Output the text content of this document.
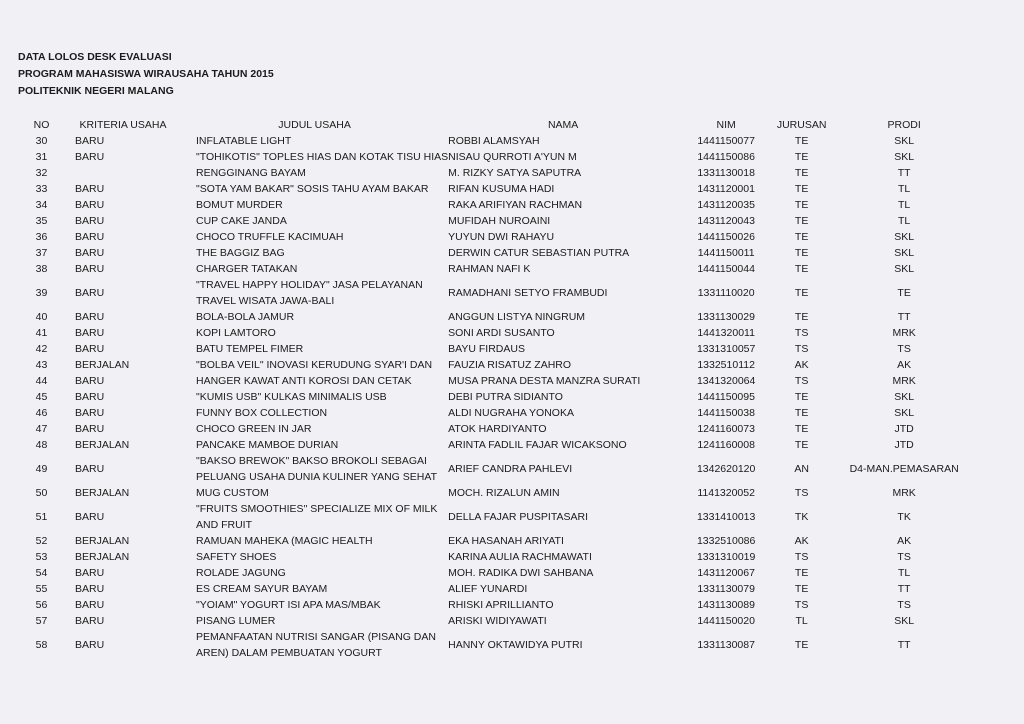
DATA LOLOS DESK EVALUASI
PROGRAM MAHASISWA WIRAUSAHA TAHUN 2015
POLITEKNIK NEGERI MALANG
NO	KRITERIA USAHA	JUDUL USAHA	NAMA	NIM	JURUSAN	PRODI
30	BARU	INFLATABLE LIGHT	ROBBI ALAMSYAH	1441150077	TE	SKL
31	BARU	"TOHIKOTIS" TOPLES HIAS DAN KOTAK TISU HIAS	NISAU QURROTI A'YUN M	1441150086	TE	SKL
32		RENGGINANG BAYAM	M. RIZKY SATYA SAPUTRA	1331130018	TE	TT
33	BARU	"SOTA YAM BAKAR" SOSIS TAHU AYAM BAKAR	RIFAN KUSUMA HADI	1431120001	TE	TL
34	BARU	BOMUT MURDER	RAKA ARIFIYAN RACHMAN	1431120035	TE	TL
35	BARU	CUP CAKE JANDA	MUFIDAH NUROAINI	1431120043	TE	TL
36	BARU	CHOCO TRUFFLE KACIMUAH	YUYUN DWI RAHAYU	1441150026	TE	SKL
37	BARU	THE BAGGIZ BAG	DERWIN CATUR SEBASTIAN PUTRA	1441150011	TE	SKL
38	BARU	CHARGER TATAKAN	RAHMAN NAFI K	1441150044	TE	SKL
39	BARU	"TRAVEL HAPPY HOLIDAY" JASA PELAYANAN TRAVEL WISATA JAWA-BALI	RAMADHANI SETYO FRAMBUDI	1331110020	TE	TE
40	BARU	BOLA-BOLA JAMUR	ANGGUN LISTYA NINGRUM	1331130029	TE	TT
41	BARU	KOPI LAMTORO	SONI ARDI SUSANTO	1441320011	TS	MRK
42	BARU	BATU TEMPEL FIMER	BAYU FIRDAUS	1331310057	TS	TS
43	BERJALAN	"BOLBA VEIL" INOVASI KERUDUNG SYAR'I DAN	FAUZIA RISATUZ ZAHRO	1332510112	AK	AK
44	BARU	HANGER KAWAT ANTI KOROSI DAN CETAK	MUSA PRANA DESTA MANZRA SURATI	1341320064	TS	MRK
45	BARU	"KUMIS USB" KULKAS MINIMALIS USB	DEBI PUTRA SIDIANTO	1441150095	TE	SKL
46	BARU	FUNNY BOX COLLECTION	ALDI NUGRAHA YONOKA	1441150038	TE	SKL
47	BARU	CHOCO GREEN IN JAR	ATOK HARDIYANTO	1241160073	TE	JTD
48	BERJALAN	PANCAKE MAMBOE DURIAN	ARINTA FADLIL FAJAR WICAKSONO	1241160008	TE	JTD
49	BARU	"BAKSO BREWOK" BAKSO BROKOLI SEBAGAI PELUANG USAHA DUNIA KULINER YANG SEHAT	ARIEF CANDRA PAHLEVI	1342620120	AN	D4-MAN.PEMASARAN
50	BERJALAN	MUG CUSTOM	MOCH. RIZALUN AMIN	1141320052	TS	MRK
51	BARU	"FRUITS SMOOTHIES" SPECIALIZE MIX OF MILK AND FRUIT	DELLA FAJAR PUSPITASARI	1331410013	TK	TK
52	BERJALAN	RAMUAN MAHEKA (MAGIC HEALTH	EKA HASANAH ARIYATI	1332510086	AK	AK
53	BERJALAN	SAFETY SHOES	KARINA AULIA RACHMAWATI	1331310019	TS	TS
54	BARU	ROLADE JAGUNG	MOH. RADIKA DWI SAHBANA	1431120067	TE	TL
55	BARU	ES CREAM SAYUR BAYAM	ALIEF YUNARDI	1331130079	TE	TT
56	BARU	"YOIAM" YOGURT ISI APA MAS/MBAK	RHISKI APRILLIANTO	1431130089	TS	TS
57	BARU	PISANG LUMER	ARISKI WIDIYAWATI	1441150020	TL	SKL
58	BARU	PEMANFAATAN NUTRISI SANGAR (PISANG DAN AREN) DALAM PEMBUATAN YOGURT	HANNY OKTAWIDYA PUTRI	1331130087	TE	TT
